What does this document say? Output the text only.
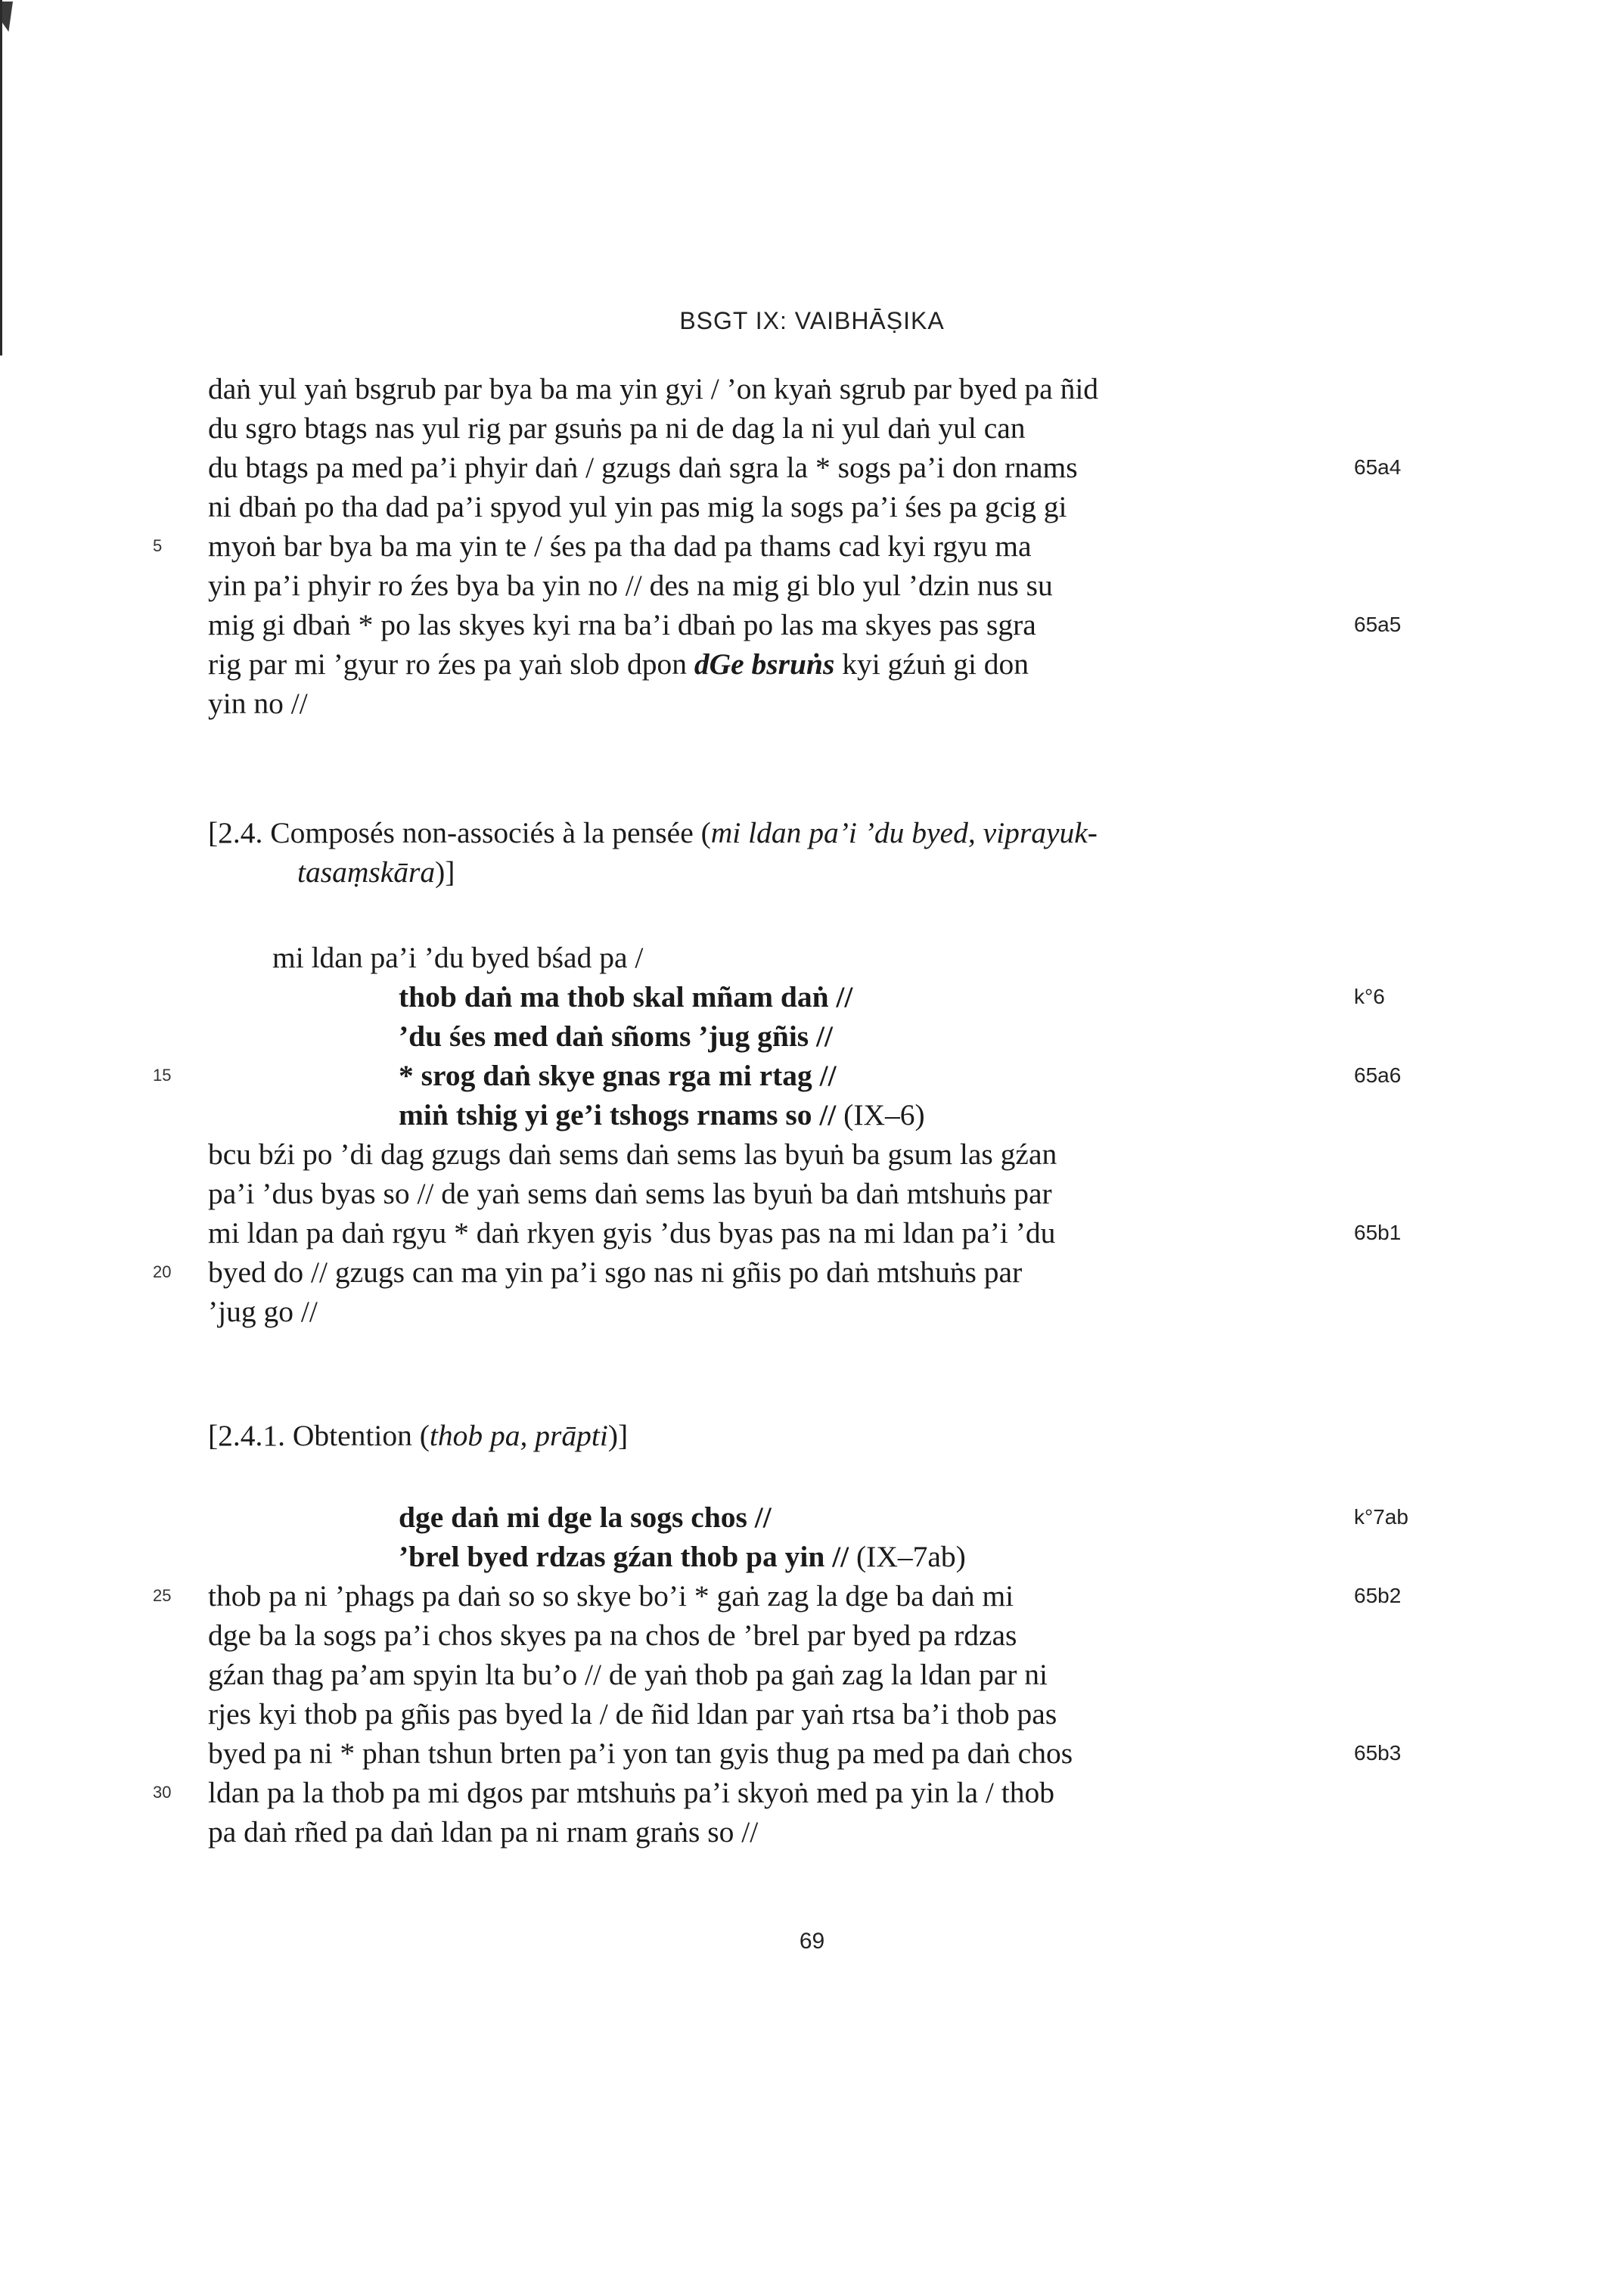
BSGT IX: VAIBHĀṢIKA
daṅ yul yaṅ bsgrub par bya ba ma yin gyi / ’on kyaṅ sgrub par byed pa ñid
du sgro btags nas yul rig par gsuṅs pa ni de dag la ni yul daṅ yul can
du btags pa med pa’i phyir daṅ / gzugs daṅ sgra la * sogs pa’i don rnams
ni dbaṅ po tha dad pa’i spyod yul yin pas mig la sogs pa’i śes pa gcig gi
myoṅ bar bya ba ma yin te / śes pa tha dad pa thams cad kyi rgyu ma
yin pa’i phyir ro źes bya ba yin no // des na mig gi blo yul ’dzin nus su
mig gi dbaṅ * po las skyes kyi rna ba’i dbaṅ po las ma skyes pas sgra
rig par mi ’gyur ro źes pa yaṅ slob dpon dGe bsruṅs kyi gźuṅ gi don
yin no //
[2.4. Composés non-associés à la pensée (mi ldan pa’i ’du byed, viprayuk-
tasaṃskāra)]
mi ldan pa’i ’du byed bśad pa /
thob daṅ ma thob skal mñam daṅ //
’du śes med daṅ sñoms ’jug gñis //
* srog daṅ skye gnas rga mi rtag //
miṅ tshig yi ge’i tshogs rnams so // (IX–6)
bcu bźi po ’di dag gzugs daṅ sems daṅ sems las byuṅ ba gsum las gźan
pa’i ’dus byas so // de yaṅ sems daṅ sems las byuṅ ba daṅ mtshuṅs par
mi ldan pa daṅ rgyu * daṅ rkyen gyis ’dus byas pas na mi ldan pa’i ’du
byed do // gzugs can ma yin pa’i sgo nas ni gñis po daṅ mtshuṅs par
’jug go //
[2.4.1. Obtention (thob pa, prāpti)]
dge daṅ mi dge la sogs chos //
’brel byed rdzas gźan thob pa yin // (IX–7ab)
thob pa ni ’phags pa daṅ so so skye bo’i * gaṅ zag la dge ba daṅ mi
dge ba la sogs pa’i chos skyes pa na chos de ’brel par byed pa rdzas
gźan thag pa’am spyin lta bu’o // de yaṅ thob pa gaṅ zag la ldan par ni
rjes kyi thob pa gñis pas byed la / de ñid ldan par yaṅ rtsa ba’i thob pas
byed pa ni * phan tshun brten pa’i yon tan gyis thug pa med pa daṅ chos
ldan pa la thob pa mi dgos par mtshuṅs pa’i skyoṅ med pa yin la / thob
pa daṅ rñed pa daṅ ldan pa ni rnam graṅs so //
5
15
20
25
30
65a4
65a5
k°6
65a6
65b1
k°7ab
65b2
65b3
69
